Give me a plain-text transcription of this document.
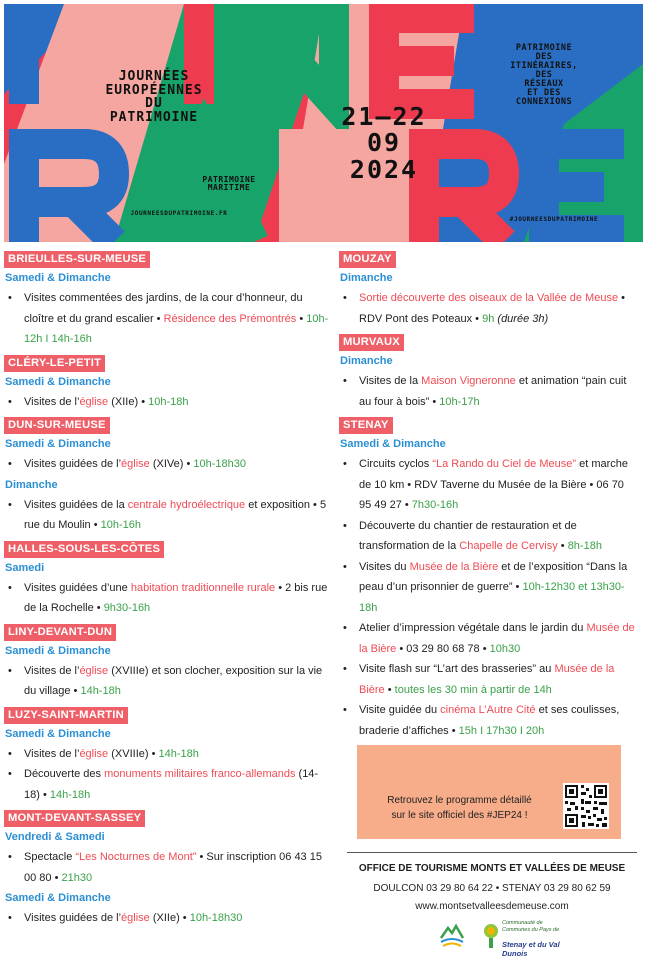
JOURNÉES
EUROPÉENNES
DU
PATRIMOINE	21–22
09
2024
PATRIMOINE
DES
ITINÉRAIRES,
DES
RÉSEAUX
ET DES
CONNEXIONS
PATRIMOINE
MARITIME
JOURNEESDUPATRIMOINE.FR
#JOURNEESDUPATRIMOINE
BRIEULLES-SUR-MEUSE
Samedi & Dimanche
• Visites commentées des jardins, de la cour d’honneur, du cloître et du grand escalier • Résidence des Prémontrés • 10h-12h I 14h-16h
CLÉRY-LE-PETIT
Samedi & Dimanche
• Visites de l’église (XIIe) • 10h-18h
DUN-SUR-MEUSE
Samedi & Dimanche
• Visites guidées de l’église (XIVe) • 10h-18h30
Dimanche
• Visites guidées de la centrale hydroélectrique et exposition • 5 rue du Moulin • 10h-16h
HALLES-SOUS-LES-CÔTES
Samedi
• Visites guidées d’une habitation traditionnelle rurale • 2 bis rue de la Rochelle • 9h30-16h
LINY-DEVANT-DUN
Samedi & Dimanche
• Visites de l’église (XVIIIe) et son clocher, exposition sur la vie du village • 14h-18h
LUZY-SAINT-MARTIN
Samedi & Dimanche
• Visites de l’église (XVIIIe) • 14h-18h
• Découverte des monuments militaires franco-allemands (14-18) • 14h-18h
MONT-DEVANT-SASSEY
Vendredi & Samedi
• Spectacle “Les Nocturnes de Mont” • Sur inscription 06 43 15 00 80 • 21h30
Samedi & Dimanche
• Visites guidées de l’église (XIIe) • 10h-18h30
MOUZAY
Dimanche
• Sortie découverte des oiseaux de la Vallée de Meuse • RDV Pont des Poteaux • 9h (durée 3h)
MURVAUX
Dimanche
• Visites de la Maison Vigneronne et animation “pain cuit au four à bois” • 10h-17h
STENAY
Samedi & Dimanche
• Circuits cyclos “La Rando du Ciel de Meuse” et marche de 10 km • RDV Taverne du Musée de la Bière • 06 70 95 49 27 • 7h30-16h
• Découverte du chantier de restauration et de transformation de la Chapelle de Cervisy • 8h-18h
• Visites du Musée de la Bière et de l’exposition “Dans la peau d’un prisonnier de guerre” • 10h-12h30 et 13h30-18h
• Atelier d’impression végétale dans le jardin du Musée de la Bière • 03 29 80 68 78 • 10h30
• Visite flash sur “L’art des brasseries” au Musée de la Bière • toutes les 30 min à partir de 14h
• Visite guidée du cinéma L’Autre Cité et ses coulisses, braderie d’affiches • 15h I 17h30 I 20h
Retrouvez le programme détaillé
sur le site officiel des #JEP24 !
OFFICE DE TOURISME MONTS ET VALLÉES DE MEUSE
DOULCON 03 29 80 64 22 • STENAY 03 29 80 62 59
www.montsetvalleesdemeuse.com
Communauté de Communes du Pays de
Stenay et du Val Dunois
